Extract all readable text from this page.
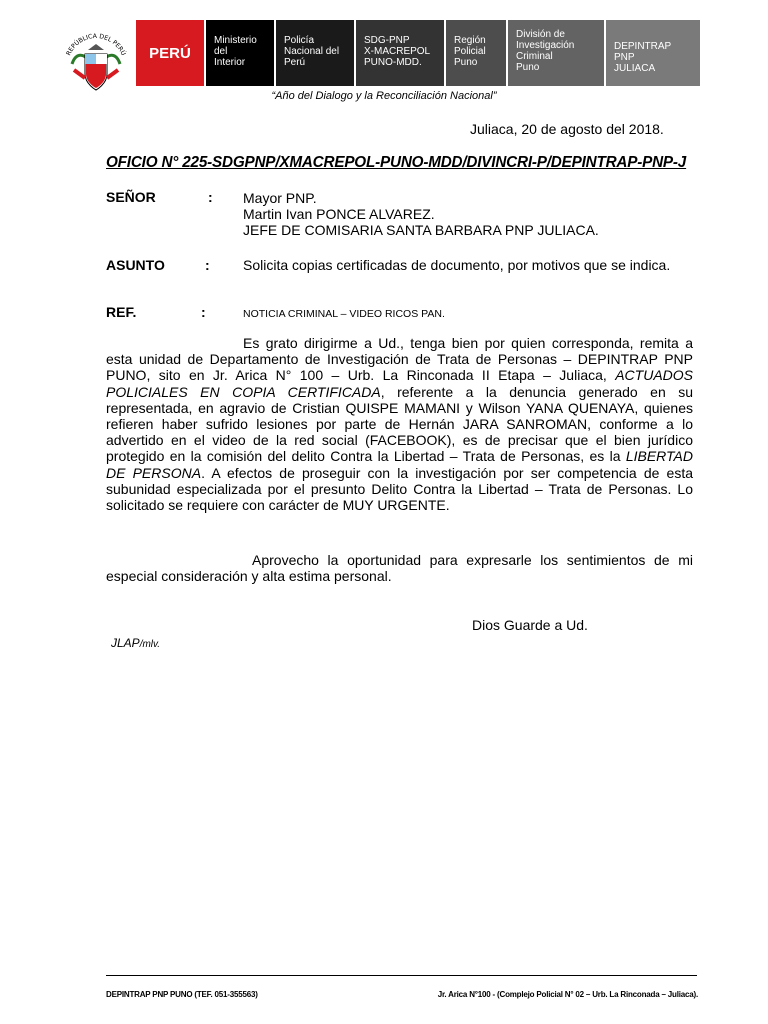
REPÚBLICA DEL PERÚ PERÚ
Ministerio
del
Interior
Policía
Nacional del
Perú
SDG-PNP
X-MACREPOL
PUNO-MDD.
Región
Policial
Puno
División de
Investigación
Criminal
Puno
DEPINTRAP PNP
JULIACA
“Año del Dialogo y la Reconciliación Nacional”
Juliaca, 20 de agosto del 2018.
OFICIO N° 225-SDGPNP/XMACREPOL-PUNO-MDD/DIVINCRI-P/DEPINTRAP-PNP-J
SEÑOR	: Mayor PNP.
Martin Ivan PONCE ALVAREZ.
JEFE DE COMISARIA SANTA BARBARA PNP JULIACA.
ASUNTO	: Solicita copias certificadas de documento, por motivos que se indica.
REF.	:	NOTICIA CRIMINAL – VIDEO RICOS PAN.
Es grato dirigirme a Ud., tenga bien por quien corresponda, remita a esta unidad de Departamento de Investigación de Trata de Personas – DEPINTRAP PNP PUNO, sito en Jr. Arica N° 100 – Urb. La Rinconada II Etapa – Juliaca, ACTUADOS POLICIALES EN COPIA CERTIFICADA, referente a la denuncia generado en su representada, en agravio de Cristian QUISPE MAMANI y Wilson YANA QUENAYA, quienes refieren haber sufrido lesiones por parte de Hernán JARA SANROMAN, conforme a lo advertido en el video de la red social (FACEBOOK), es de precisar que el bien jurídico protegido en la comisión del delito Contra la Libertad – Trata de Personas, es la LIBERTAD DE PERSONA. A efectos de proseguir con la investigación por ser competencia de esta subunidad especializada por el presunto Delito Contra la Libertad – Trata de Personas. Lo solicitado se requiere con carácter de MUY URGENTE.
Aprovecho la oportunidad para expresarle los sentimientos de mi especial consideración y alta estima personal.
Dios Guarde a Ud.
JLAP/mlv.
DEPINTRAP PNP PUNO (TEF. 051-355563)	Jr. Arica N°100 - (Complejo Policial N° 02 – Urb. La Rinconada – Juliaca).
